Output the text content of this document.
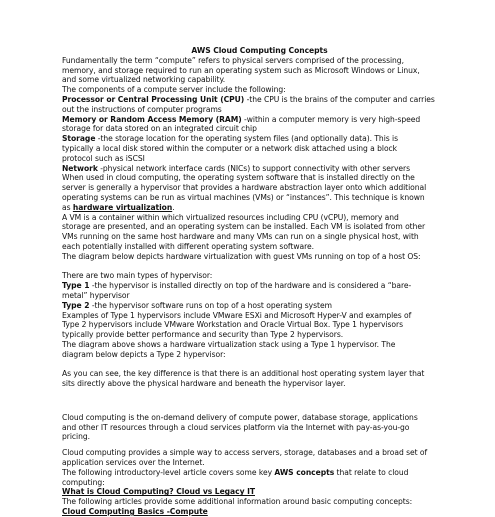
AWS Cloud Computing Concepts
Fundamentally the term “compute” refers to physical servers comprised of the processing,
memory, and storage required to run an operating system such as Microsoft Windows or Linux,
and some virtualized networking capability.
The components of a compute server include the following:
Processor or Central Processing Unit (CPU) -the CPU is the brains of the computer and carries
out the instructions of computer programs
Memory or Random Access Memory (RAM) -within a computer memory is very high-speed
storage for data stored on an integrated circuit chip
Storage -the storage location for the operating system files (and optionally data). This is
typically a local disk stored within the computer or a network disk attached using a block
protocol such as iSCSI
Network -physical network interface cards (NICs) to support connectivity with other servers
When used in cloud computing, the operating system software that is installed directly on the
server is generally a hypervisor that provides a hardware abstraction layer onto which additional
operating systems can be run as virtual machines (VMs) or “instances”. This technique is known
as hardware virtualization.
A VM is a container within which virtualized resources including CPU (vCPU), memory and
storage are presented, and an operating system can be installed. Each VM is isolated from other
VMs running on the same host hardware and many VMs can run on a single physical host, with
each potentially installed with different operating system software.
The diagram below depicts hardware virtualization with guest VMs running on top of a host OS:
There are two main types of hypervisor:
Type 1 -the hypervisor is installed directly on top of the hardware and is considered a “bare-
metal” hypervisor
Type 2 -the hypervisor software runs on top of a host operating system
Examples of Type 1 hypervisors include VMware ESXi and Microsoft Hyper-V and examples of
Type 2 hypervisors include VMware Workstation and Oracle Virtual Box. Type 1 hypervisors
typically provide better performance and security than Type 2 hypervisors.
The diagram above shows a hardware virtualization stack using a Type 1 hypervisor. The
diagram below depicts a Type 2 hypervisor:
As you can see, the key difference is that there is an additional host operating system layer that
sits directly above the physical hardware and beneath the hypervisor layer.
Cloud computing is the on-demand delivery of compute power, database storage, applications
and other IT resources through a cloud services platform via the Internet with pay-as-you-go
pricing.
Cloud computing provides a simple way to access servers, storage, databases and a broad set of
application services over the Internet.
The following introductory-level article covers some key AWS concepts that relate to cloud
computing:
What is Cloud Computing? Cloud vs Legacy IT
The following articles provide some additional information around basic computing concepts:
Cloud Computing Basics -Compute
